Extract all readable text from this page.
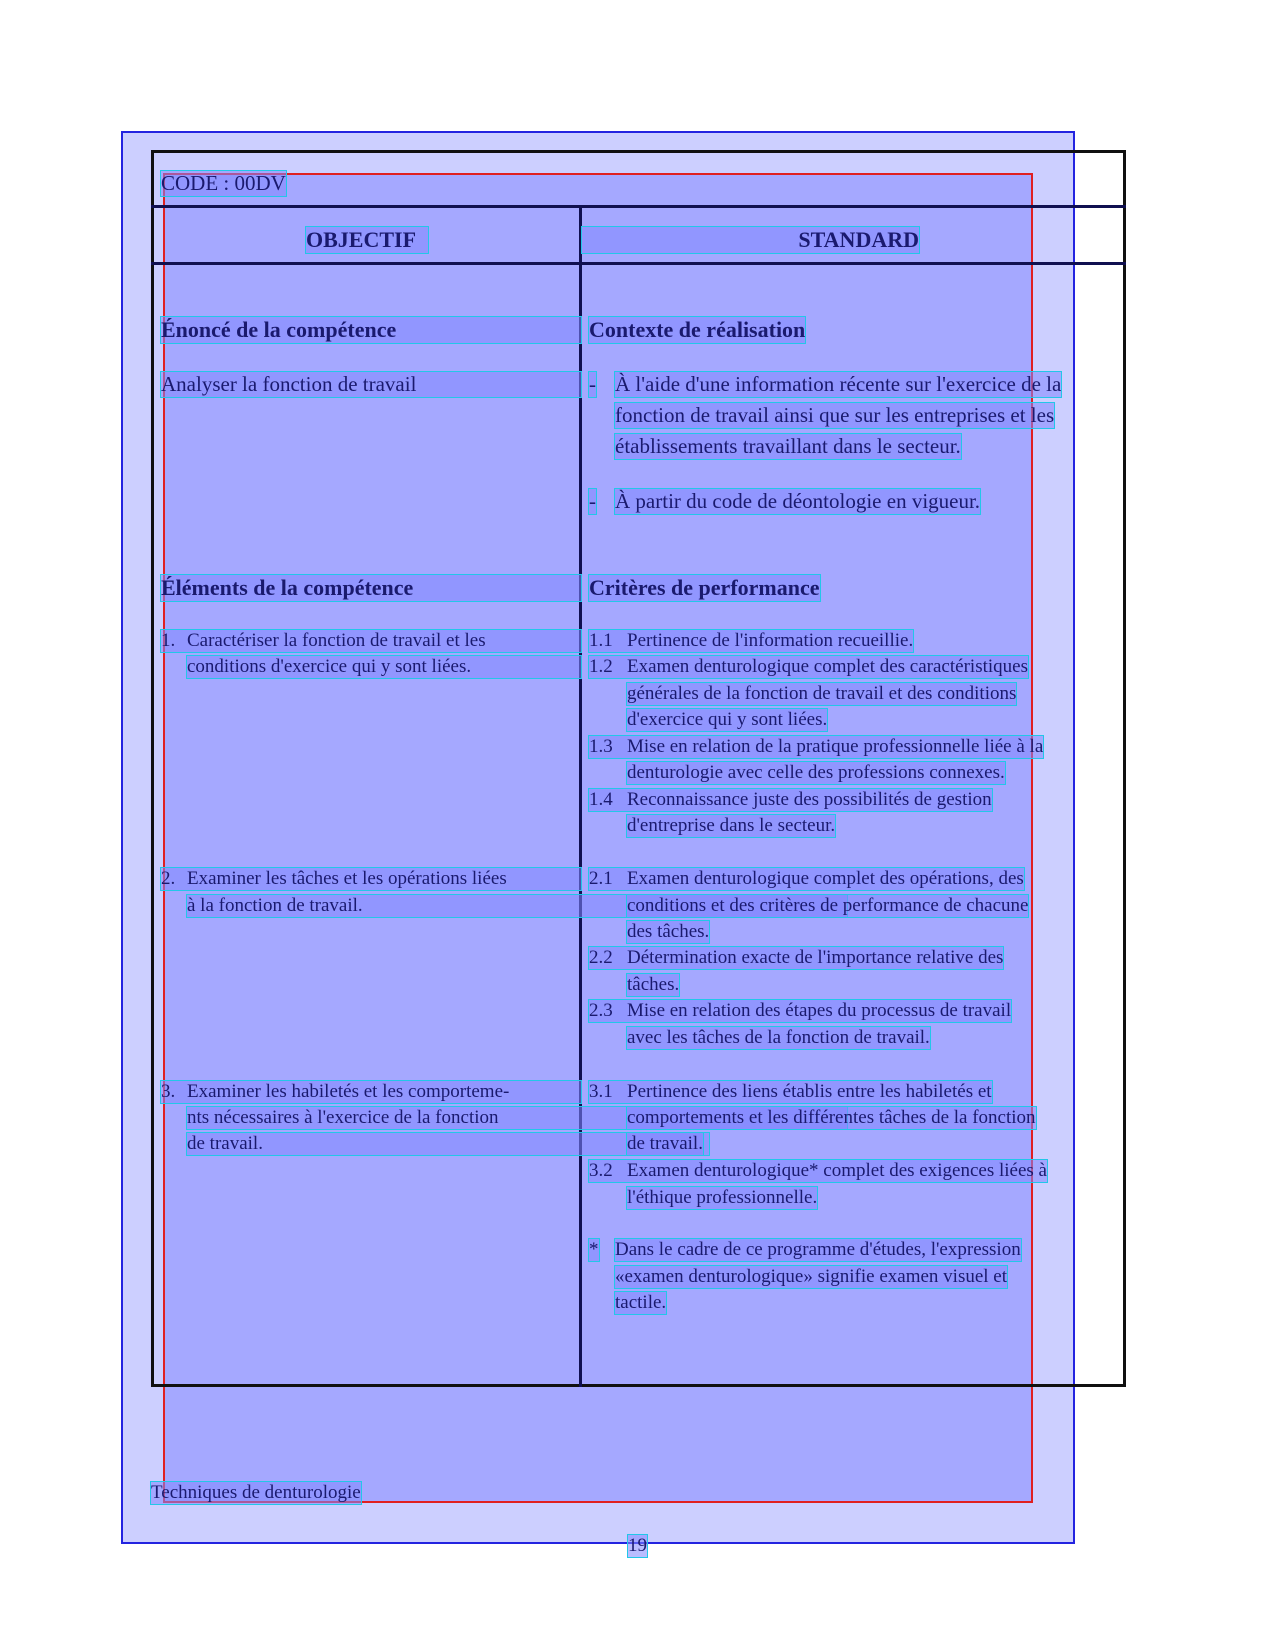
CODE : 00DV
OBJECTIF	STANDARD
Énoncé de la compétence
Analyser la fonction de travail
Contexte de réalisation
- À l'aide d'une information récente sur l'exercice de la
fonction de travail ainsi que sur les entreprises et les
établissements travaillant dans le secteur.
- À partir du code de déontologie en vigueur.
Éléments de la compétence
1. Caractériser la fonction de travail et les
conditions d'exercice qui y sont liées.
2. Examiner les tâches et les opérations liées
à la fonction de travail.
3. Examiner les habiletés et les comporteme-
nts nécessaires à l'exercice de la fonction
de travail.
Critères de performance
1.1 Pertinence de l'information recueillie.
1.2 Examen denturologique complet des caractéristiques
générales de la fonction de travail et des conditions
d'exercice qui y sont liées.
1.3 Mise en relation de la pratique professionnelle liée à la
denturologie avec celle des professions connexes.
1.4 Reconnaissance juste des possibilités de gestion
d'entreprise dans le secteur.
2.1 Examen denturologique complet des opérations, des
conditions et des critères de performance de chacune
des tâches.
2.2 Détermination exacte de l'importance relative des
tâches.
2.3 Mise en relation des étapes du processus de travail
avec les tâches de la fonction de travail.
3.1 Pertinence des liens établis entre les habiletés et
comportements et les différentes tâches de la fonction
de travail.
3.2 Examen denturologique* complet des exigences liées à
l'éthique professionnelle.
* Dans le cadre de ce programme d'études, l'expression
«examen denturologique» signifie examen visuel et
tactile.
Techniques de denturologie
19
